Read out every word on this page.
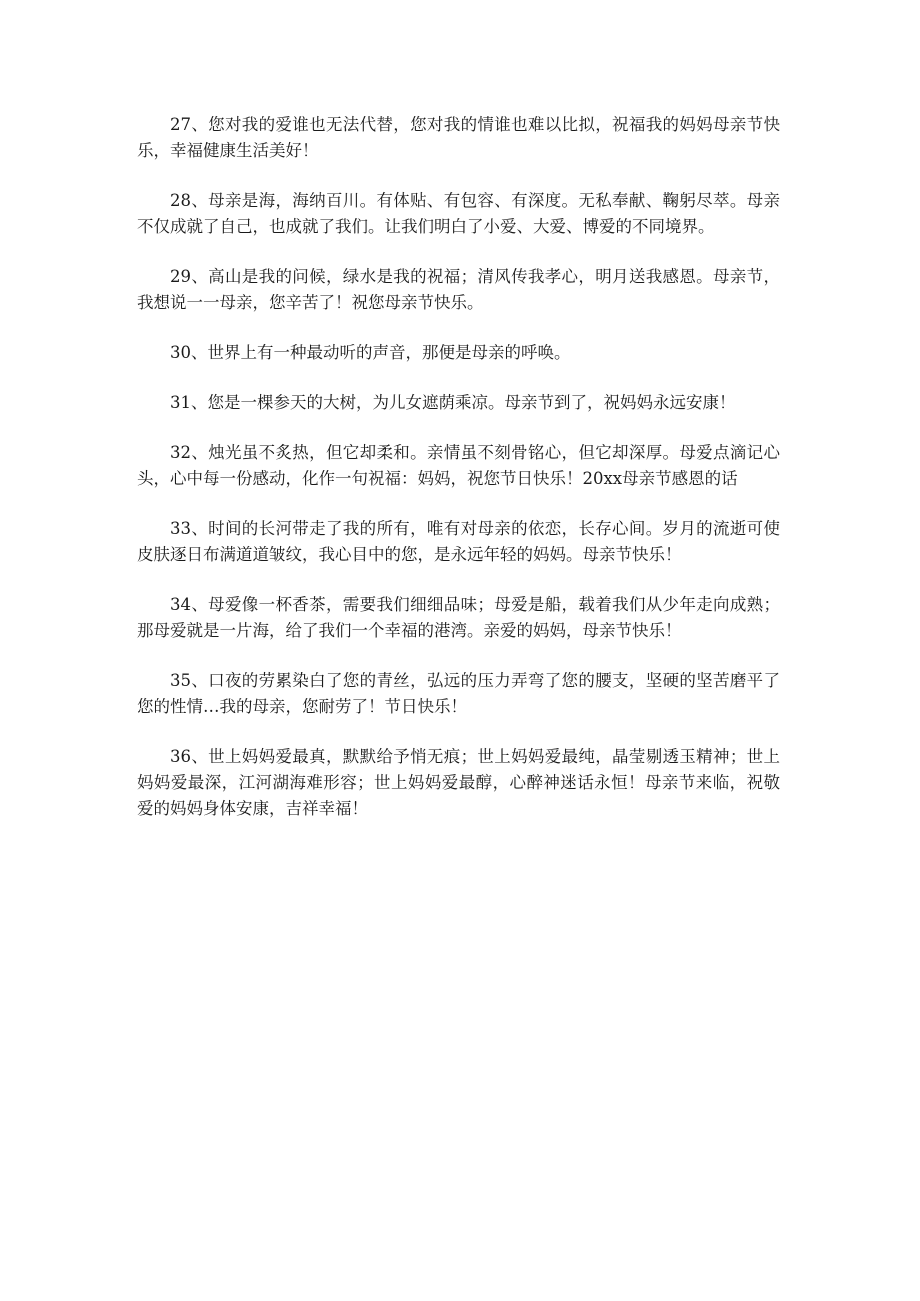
27、您对我的爱谁也无法代替，您对我的情谁也难以比拟，祝福我的妈妈母亲节快乐，幸福健康生活美好！

28、母亲是海，海纳百川。有体贴、有包容、有深度。无私奉献、鞠躬尽萃。母亲不仅成就了自己，也成就了我们。让我们明白了小爱、大爱、博爱的不同境界。

29、高山是我的问候，绿水是我的祝福；清风传我孝心，明月送我感恩。母亲节，我想说一一母亲，您辛苦了！祝您母亲节快乐。

30、世界上有一种最动听的声音，那便是母亲的呼唤。

31、您是一棵参天的大树，为儿女遮荫乘凉。母亲节到了，祝妈妈永远安康！

32、烛光虽不炙热，但它却柔和。亲情虽不刻骨铭心，但它却深厚。母爱点滴记心头，心中每一份感动，化作一句祝福：妈妈，祝您节日快乐！20xx母亲节感恩的话

33、时间的长河带走了我的所有，唯有对母亲的依恋，长存心间。岁月的流逝可使皮肤逐日布满道道皱纹，我心目中的您，是永远年轻的妈妈。母亲节快乐！

34、母爱像一杯香茶，需要我们细细品味；母爱是船，载着我们从少年走向成熟；那母爱就是一片海，给了我们一个幸福的港湾。亲爱的妈妈，母亲节快乐！

35、口夜的劳累染白了您的青丝，弘远的压力弄弯了您的腰支，坚硬的坚苦磨平了您的性情…我的母亲，您耐劳了！节日快乐！

36、世上妈妈爱最真，默默给予悄无痕；世上妈妈爱最纯，晶莹剔透玉精神；世上妈妈爱最深，江河湖海难形容；世上妈妈爱最醇，心醉神迷话永恒！母亲节来临，祝敬爱的妈妈身体安康，吉祥幸福！
